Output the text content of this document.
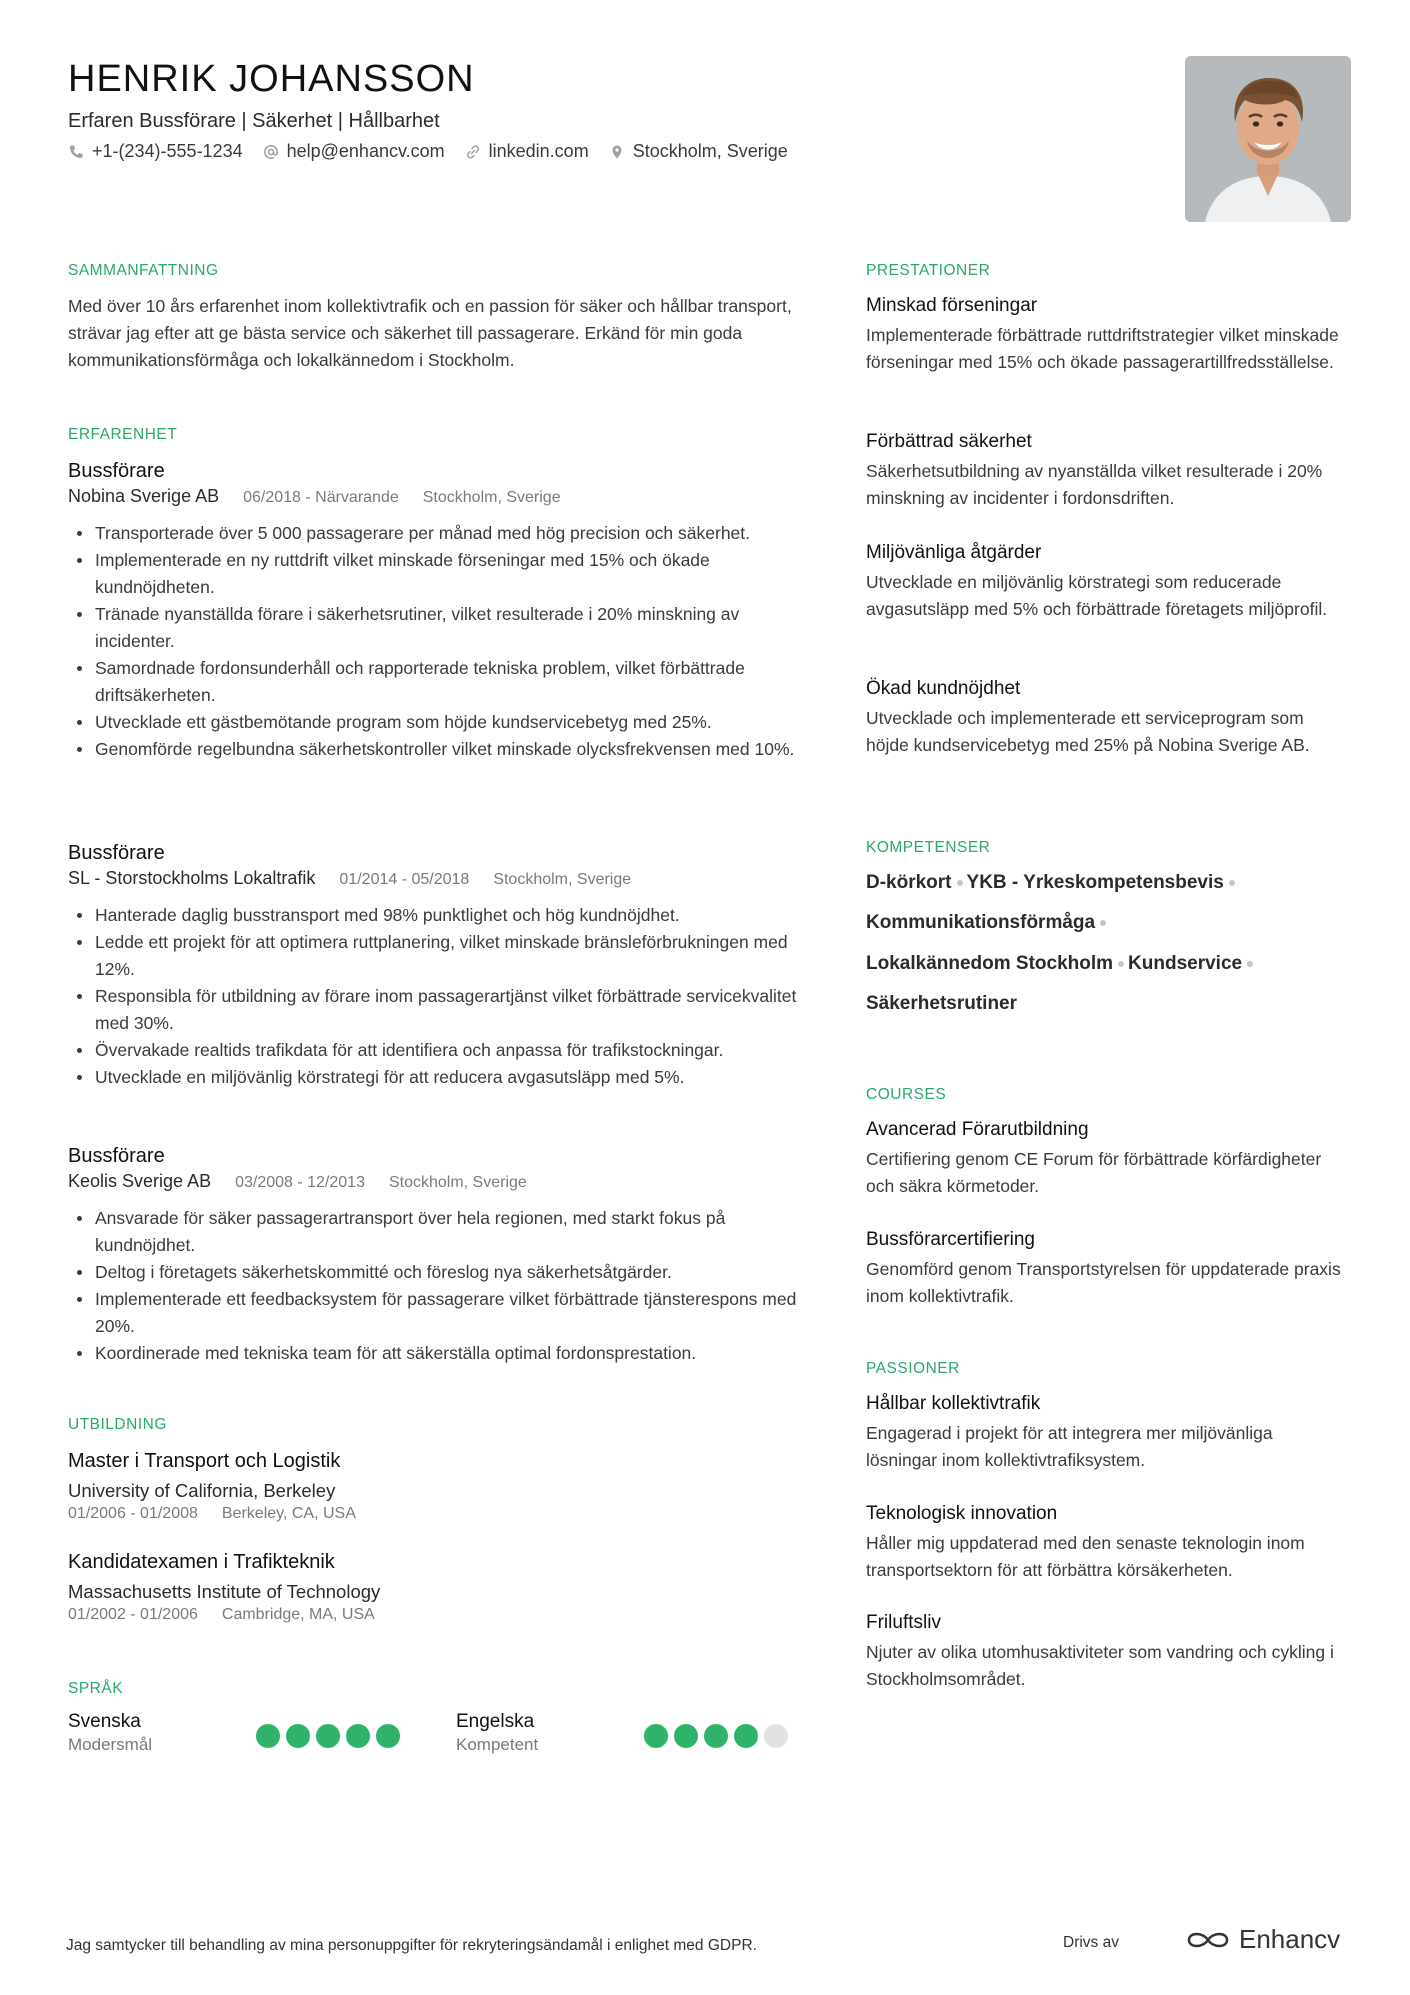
HENRIK JOHANSSON
Erfaren Bussförare | Säkerhet | Hållbarhet
+1-(234)-555-1234 help@enhancv.com linkedin.com Stockholm, Sverige
SAMMANFATTNING
Med över 10 års erfarenhet inom kollektivtrafik och en passion för säker och hållbar transport, strävar jag efter att ge bästa service och säkerhet till passagerare. Erkänd för min goda kommunikationsförmåga och lokalkännedom i Stockholm.
ERFARENHET
Bussförare
Nobina Sverige AB 06/2018 - Närvarande Stockholm, Sverige
Transporterade över 5 000 passagerare per månad med hög precision och säkerhet.
Implementerade en ny ruttdrift vilket minskade förseningar med 15% och ökade kundnöjdheten.
Tränade nyanställda förare i säkerhetsrutiner, vilket resulterade i 20% minskning av incidenter.
Samordnade fordonsunderhåll och rapporterade tekniska problem, vilket förbättrade driftsäkerheten.
Utvecklade ett gästbemötande program som höjde kundservicebetyg med 25%.
Genomförde regelbundna säkerhetskontroller vilket minskade olycksfrekvensen med 10%.
Bussförare
SL - Storstockholms Lokaltrafik 01/2014 - 05/2018 Stockholm, Sverige
Hanterade daglig busstransport med 98% punktlighet och hög kundnöjdhet.
Ledde ett projekt för att optimera ruttplanering, vilket minskade bränsleförbrukningen med 12%.
Responsibla för utbildning av förare inom passagerartjänst vilket förbättrade servicekvalitet med 30%.
Övervakade realtids trafikdata för att identifiera och anpassa för trafikstockningar.
Utvecklade en miljövänlig körstrategi för att reducera avgasutsläpp med 5%.
Bussförare
Keolis Sverige AB 03/2008 - 12/2013 Stockholm, Sverige
Ansvarade för säker passagerartransport över hela regionen, med starkt fokus på kundnöjdhet.
Deltog i företagets säkerhetskommitté och föreslog nya säkerhetsåtgärder.
Implementerade ett feedbacksystem för passagerare vilket förbättrade tjänsterespons med 20%.
Koordinerade med tekniska team för att säkerställa optimal fordonsprestation.
UTBILDNING
Master i Transport och Logistik
University of California, Berkeley
01/2006 - 01/2008 Berkeley, CA, USA
Kandidatexamen i Trafikteknik
Massachusetts Institute of Technology
01/2002 - 01/2006 Cambridge, MA, USA
SPRÅK
Svenska
Modersmål
Engelska
Kompetent
PRESTATIONER
Minskad förseningar
Implementerade förbättrade ruttdriftstrategier vilket minskade förseningar med 15% och ökade passagerartillfredsställelse.
Förbättrad säkerhet
Säkerhetsutbildning av nyanställda vilket resulterade i 20% minskning av incidenter i fordonsdriften.
Miljövänliga åtgärder
Utvecklade en miljövänlig körstrategi som reducerade avgasutsläpp med 5% och förbättrade företagets miljöprofil.
Ökad kundnöjdhet
Utvecklade och implementerade ett serviceprogram som höjde kundservicebetyg med 25% på Nobina Sverige AB.
KOMPETENSER
D-körkort YKB - Yrkeskompetensbevis
Kommunikationsförmåga
Lokalkännedom Stockholm Kundservice
Säkerhetsrutiner
COURSES
Avancerad Förarutbildning
Certifiering genom CE Forum för förbättrade körfärdigheter och säkra körmetoder.
Bussförarcertifiering
Genomförd genom Transportstyrelsen för uppdaterade praxis inom kollektivtrafik.
PASSIONER
Hållbar kollektivtrafik
Engagerad i projekt för att integrera mer miljövänliga lösningar inom kollektivtrafiksystem.
Teknologisk innovation
Håller mig uppdaterad med den senaste teknologin inom transportsektorn för att förbättra körsäkerheten.
Friluftsliv
Njuter av olika utomhusaktiviteter som vandring och cykling i Stockholmsområdet.
Jag samtycker till behandling av mina personuppgifter för rekryteringsändamål i enlighet med GDPR.	Drivs av	Enhancv
